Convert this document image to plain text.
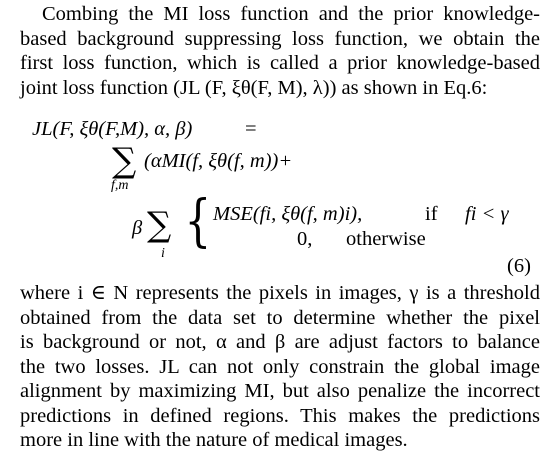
Combing the MI loss function and the prior knowledge-
based background suppressing loss function, we obtain the
first loss function, which is called a prior knowledge-based
joint loss function (JL (F, ξθ(F, M), λ)) as shown in Eq.6:
JL(F, ξθ(F,M), α, β)	=
∑
f,m
(αMI(f, ξθ(f, m))+
β ∑
i { MSE(fi, ξθ(f, m)i),	if fi < γ
0, otherwise
(6)
where i ∈ N represents the pixels in images, γ is a threshold
obtained from the data set to determine whether the pixel
is background or not, α and β are adjust factors to balance
the two losses. JL can not only constrain the global image
alignment by maximizing MI, but also penalize the incorrect
predictions in defined regions. This makes the predictions
more in line with the nature of medical images.
